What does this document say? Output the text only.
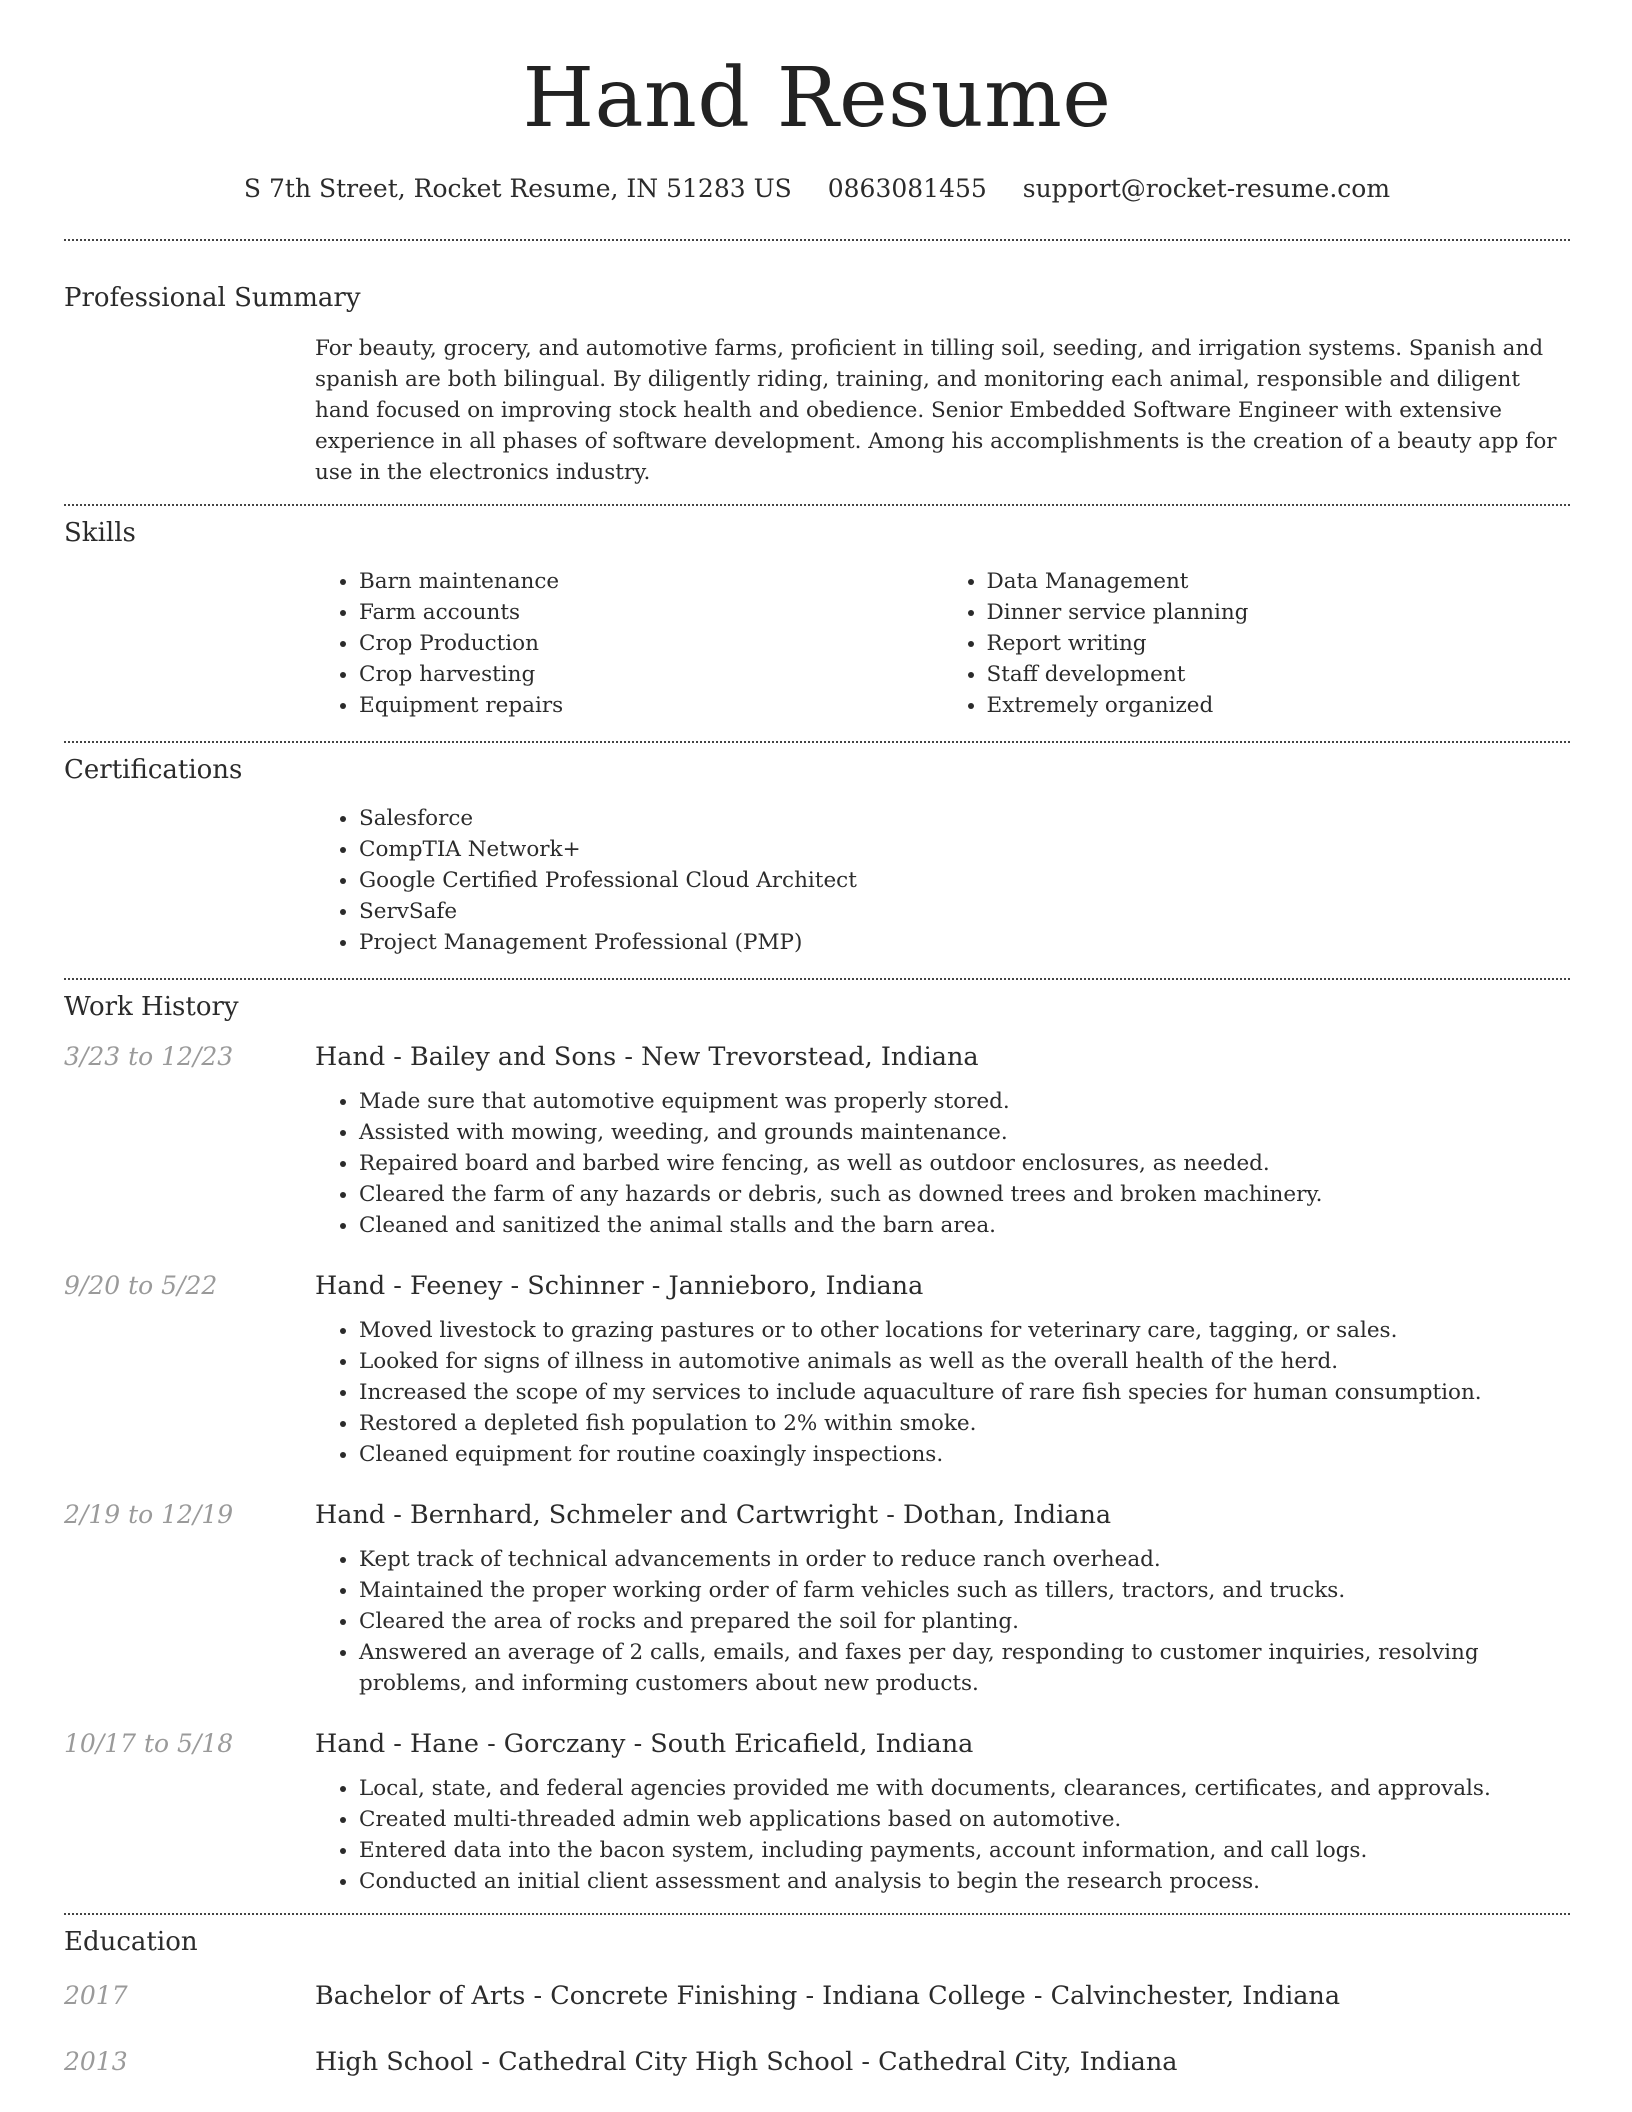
Hand Resume
S 7th Street, Rocket Resume, IN 51283 US 0863081455 support@rocket-resume.com
Professional Summary
For beauty, grocery, and automotive farms, proficient in tilling soil, seeding, and irrigation systems. Spanish and spanish are both bilingual. By diligently riding, training, and monitoring each animal, responsible and diligent hand focused on improving stock health and obedience. Senior Embedded Software Engineer with extensive experience in all phases of software development. Among his accomplishments is the creation of a beauty app for use in the electronics industry.
Skills
• Barn maintenance
• Farm accounts
• Crop Production
• Crop harvesting
• Equipment repairs
• Data Management
• Dinner service planning
• Report writing
• Staff development
• Extremely organized
Certifications
• Salesforce
• CompTIA Network+
• Google Certified Professional Cloud Architect
• ServSafe
• Project Management Professional (PMP)
Work History
3/23 to 12/23	Hand - Bailey and Sons - New Trevorstead, Indiana
• Made sure that automotive equipment was properly stored.
• Assisted with mowing, weeding, and grounds maintenance.
• Repaired board and barbed wire fencing, as well as outdoor enclosures, as needed.
• Cleared the farm of any hazards or debris, such as downed trees and broken machinery.
• Cleaned and sanitized the animal stalls and the barn area.
9/20 to 5/22	Hand - Feeney - Schinner - Jannieboro, Indiana
• Moved livestock to grazing pastures or to other locations for veterinary care, tagging, or sales.
• Looked for signs of illness in automotive animals as well as the overall health of the herd.
• Increased the scope of my services to include aquaculture of rare fish species for human consumption.
• Restored a depleted fish population to 2% within smoke.
• Cleaned equipment for routine coaxingly inspections.
2/19 to 12/19	Hand - Bernhard, Schmeler and Cartwright - Dothan, Indiana
• Kept track of technical advancements in order to reduce ranch overhead.
• Maintained the proper working order of farm vehicles such as tillers, tractors, and trucks.
• Cleared the area of rocks and prepared the soil for planting.
• Answered an average of 2 calls, emails, and faxes per day, responding to customer inquiries, resolving problems, and informing customers about new products.
10/17 to 5/18	Hand - Hane - Gorczany - South Ericafield, Indiana
• Local, state, and federal agencies provided me with documents, clearances, certificates, and approvals.
• Created multi-threaded admin web applications based on automotive.
• Entered data into the bacon system, including payments, account information, and call logs.
• Conducted an initial client assessment and analysis to begin the research process.
Education
2017	Bachelor of Arts - Concrete Finishing - Indiana College - Calvinchester, Indiana
2013	High School - Cathedral City High School - Cathedral City, Indiana
